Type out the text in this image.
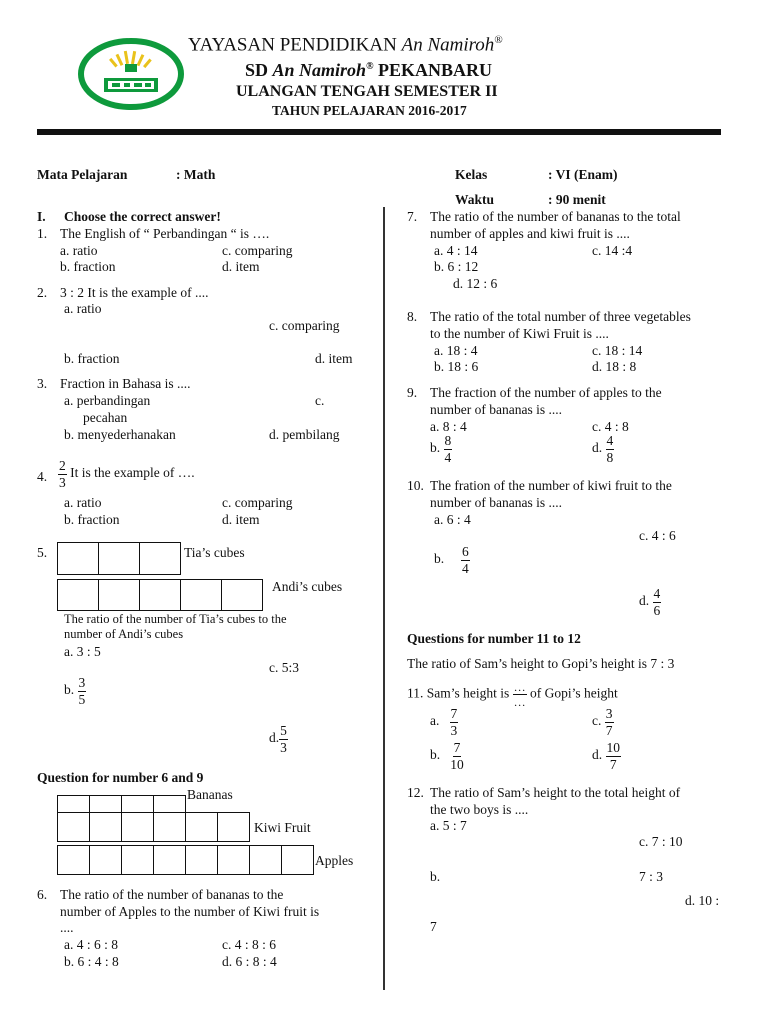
YAYASAN PENDIDIKAN An Namiroh®
SD An Namiroh® PEKANBARU
ULANGAN TENGAH SEMESTER II
TAHUN PELAJARAN 2016-2017
Mata Pelajaran	: Math	Kelas	: VI (Enam)
Waktu	: 90 menit
I. Choose the correct answer!
1. The English of “ Perbandingan “ is ….
a. ratio	c. comparing
b. fraction	d. item
2. 3 : 2 It is the example of ....
a. ratio
c. comparing
b. fraction	d. item
3. Fraction in Bahasa is ....
a. perbandingan	c.
pecahan
b. menyederhanakan	d. pembilang
4. $\frac{2}{3}$ It is the example of ….
a. ratio	c. comparing
b. fraction	d. item
5.	Tia’s cubes
Andi’s cubes
The ratio of the number of Tia’s cubes to the
number of Andi’s cubes
a. 3 : 5
c. 5:3
b. $\frac{3}{5}$
d. $\frac{5}{3}$
Question for number 6 and 9
Bananas
Kiwi Fruit
Apples
6. The ratio of the number of bananas to the
number of Apples to the number of Kiwi fruit is
....
a. 4 : 6 : 8	c. 4 : 8 : 6
b. 6 : 4 : 8	d. 6 : 8 : 4
7. The ratio of the number of bananas to the total
number of apples and kiwi fruit is ....
a. 4 : 14	c. 14 :4
b. 6 : 12
d. 12 : 6
8. The ratio of the total number of three vegetables
to the number of Kiwi Fruit is ....
a. 18 : 4	c. 18 : 14
b. 18 : 6	d. 18 : 8
9. The fraction of the number of apples to the
number of bananas is ....
a. 8 : 4	c. 4 : 8
b. $\frac{8}{4}$	d. $\frac{4}{8}$
10. The fration of the number of kiwi fruit to the
number of bananas is ....
a. 6 : 4
c. 4 : 6
b. $\frac{6}{4}$
d. $\frac{4}{6}$
Questions for number 11 to 12
The ratio of Sam’s height to Gopi’s height is 7 : 3
11. Sam’s height is $\frac{\dots}{\dots}$ of Gopi’s height
a. $\frac{7}{3}$	c. $\frac{3}{7}$
b. $\frac{7}{10}$	d. $\frac{10}{7}$
12. The ratio of Sam’s height to the total height of
the two boys is ....
a. 5 : 7
c. 7 : 10
b.	7 : 3
d. 10 :
7
